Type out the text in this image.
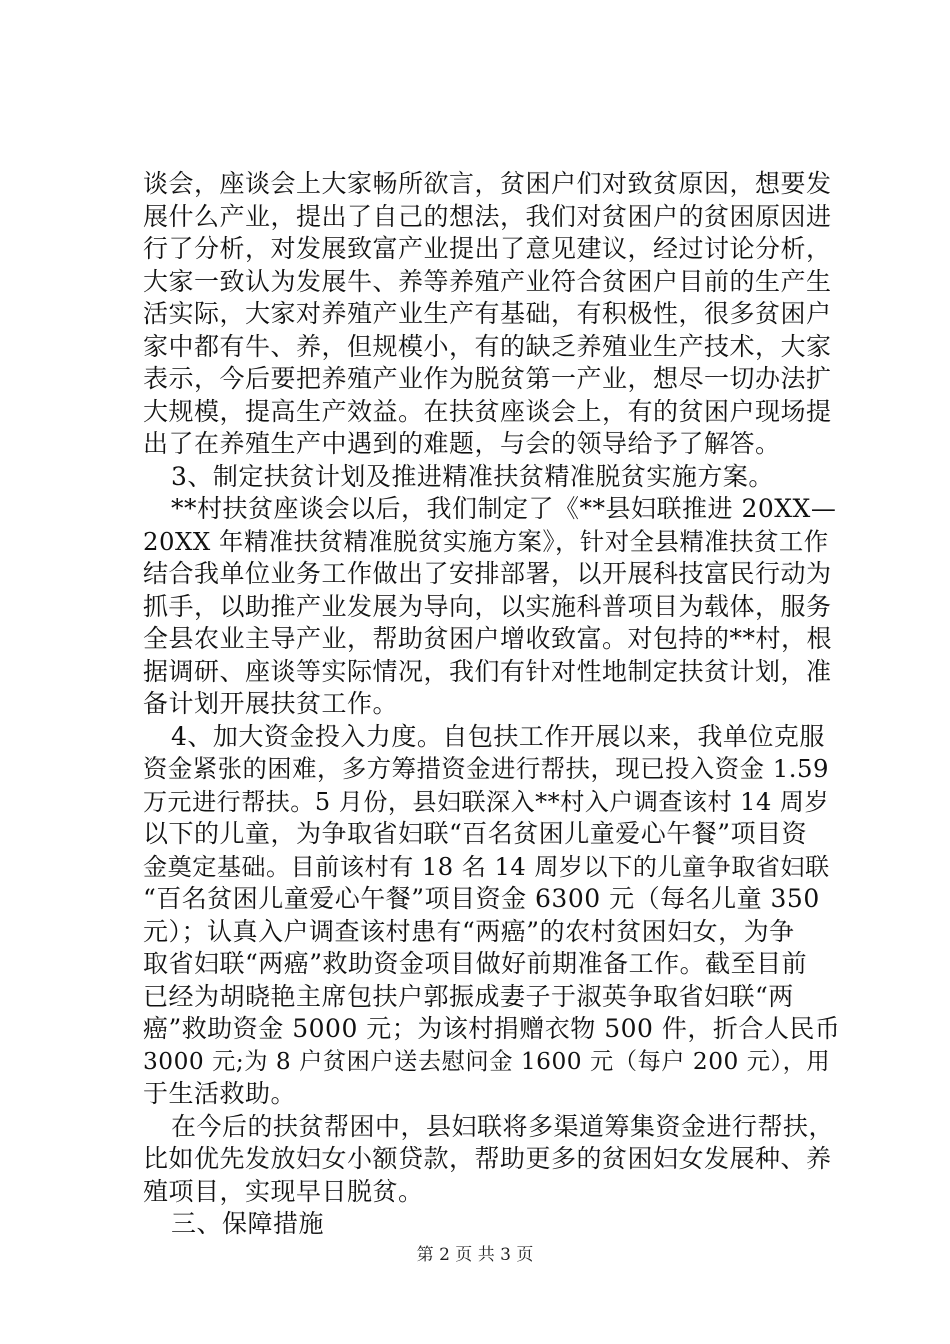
谈会，座谈会上大家畅所欲言，贫困户们对致贫原因，想要发
展什么产业，提出了自己的想法，我们对贫困户的贫困原因进
行了分析，对发展致富产业提出了意见建议，经过讨论分析，
大家一致认为发展牛、养等养殖产业符合贫困户目前的生产生
活实际，大家对养殖产业生产有基础，有积极性，很多贫困户
家中都有牛、养，但规模小，有的缺乏养殖业生产技术，大家
表示，今后要把养殖产业作为脱贫第一产业，想尽一切办法扩
大规模，提高生产效益。在扶贫座谈会上，有的贫困户现场提
出了在养殖生产中遇到的难题，与会的领导给予了解答。
3、制定扶贫计划及推进精准扶贫精准脱贫实施方案。
**村扶贫座谈会以后，我们制定了《**县妇联推进 20XX—
20XX 年精准扶贫精准脱贫实施方案》，针对全县精准扶贫工作
结合我单位业务工作做出了安排部署，以开展科技富民行动为
抓手，以助推产业发展为导向，以实施科普项目为载体，服务
全县农业主导产业，帮助贫困户增收致富。对包持的**村，根
据调研、座谈等实际情况，我们有针对性地制定扶贫计划，准
备计划开展扶贫工作。
4、加大资金投入力度。自包扶工作开展以来，我单位克服
资金紧张的困难，多方筹措资金进行帮扶，现已投入资金 1.59
万元进行帮扶。5 月份，县妇联深入**村入户调查该村 14 周岁
以下的儿童，为争取省妇联“百名贫困儿童爱心午餐”项目资
金奠定基础。目前该村有 18 名 14 周岁以下的儿童争取省妇联
“百名贫困儿童爱心午餐”项目资金 6300 元（每名儿童 350
元）；认真入户调查该村患有“两癌”的农村贫困妇女，为争
取省妇联“两癌”救助资金项目做好前期准备工作。截至目前
已经为胡晓艳主席包扶户郭振成妻子于淑英争取省妇联“两
癌”救助资金 5000 元；为该村捐赠衣物 500 件，折合人民币
3000 元;为 8 户贫困户送去慰问金 1600 元（每户 200 元），用
于生活救助。
在今后的扶贫帮困中，县妇联将多渠道筹集资金进行帮扶，
比如优先发放妇女小额贷款，帮助更多的贫困妇女发展种、养
殖项目，实现早日脱贫。
三、保障措施
第 2 页 共 3 页
